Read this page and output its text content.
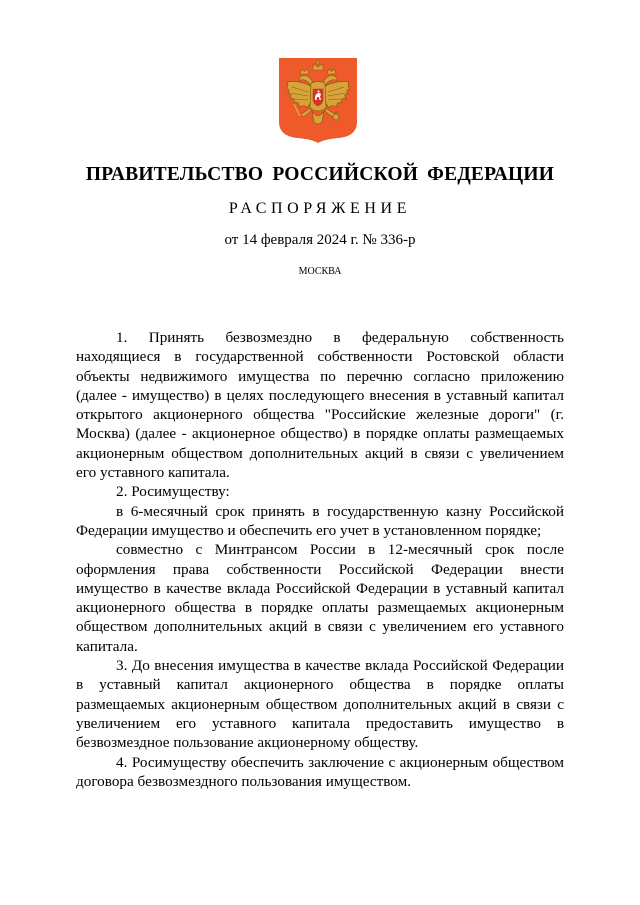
ПРАВИТЕЛЬСТВО РОССИЙСКОЙ ФЕДЕРАЦИИ
РАСПОРЯЖЕНИЕ
от 14 февраля 2024 г. № 336-р
МОСКВА

1. Принять безвозмездно в федеральную собственность находящиеся в государственной собственности Ростовской области объекты недвижимого имущества по перечню согласно приложению (далее - имущество) в целях последующего внесения в уставный капитал открытого акционерного общества "Российские железные дороги" (г. Москва) (далее - акционерное общество) в порядке оплаты размещаемых акционерным обществом дополнительных акций в связи с увеличением его уставного капитала.

2. Росимуществу:

в 6-месячный срок принять в государственную казну Российской Федерации имущество и обеспечить его учет в установленном порядке;

совместно с Минтрансом России в 12-месячный срок после оформления права собственности Российской Федерации внести имущество в качестве вклада Российской Федерации в уставный капитал акционерного общества в порядке оплаты размещаемых акционерным обществом дополнительных акций в связи с увеличением его уставного капитала.

3. До внесения имущества в качестве вклада Российской Федерации в уставный капитал акционерного общества в порядке оплаты размещаемых акционерным обществом дополнительных акций в связи с увеличением его уставного капитала предоставить имущество в безвозмездное пользование акционерному обществу.

4. Росимуществу обеспечить заключение с акционерным обществом договора безвозмездного пользования имуществом.
